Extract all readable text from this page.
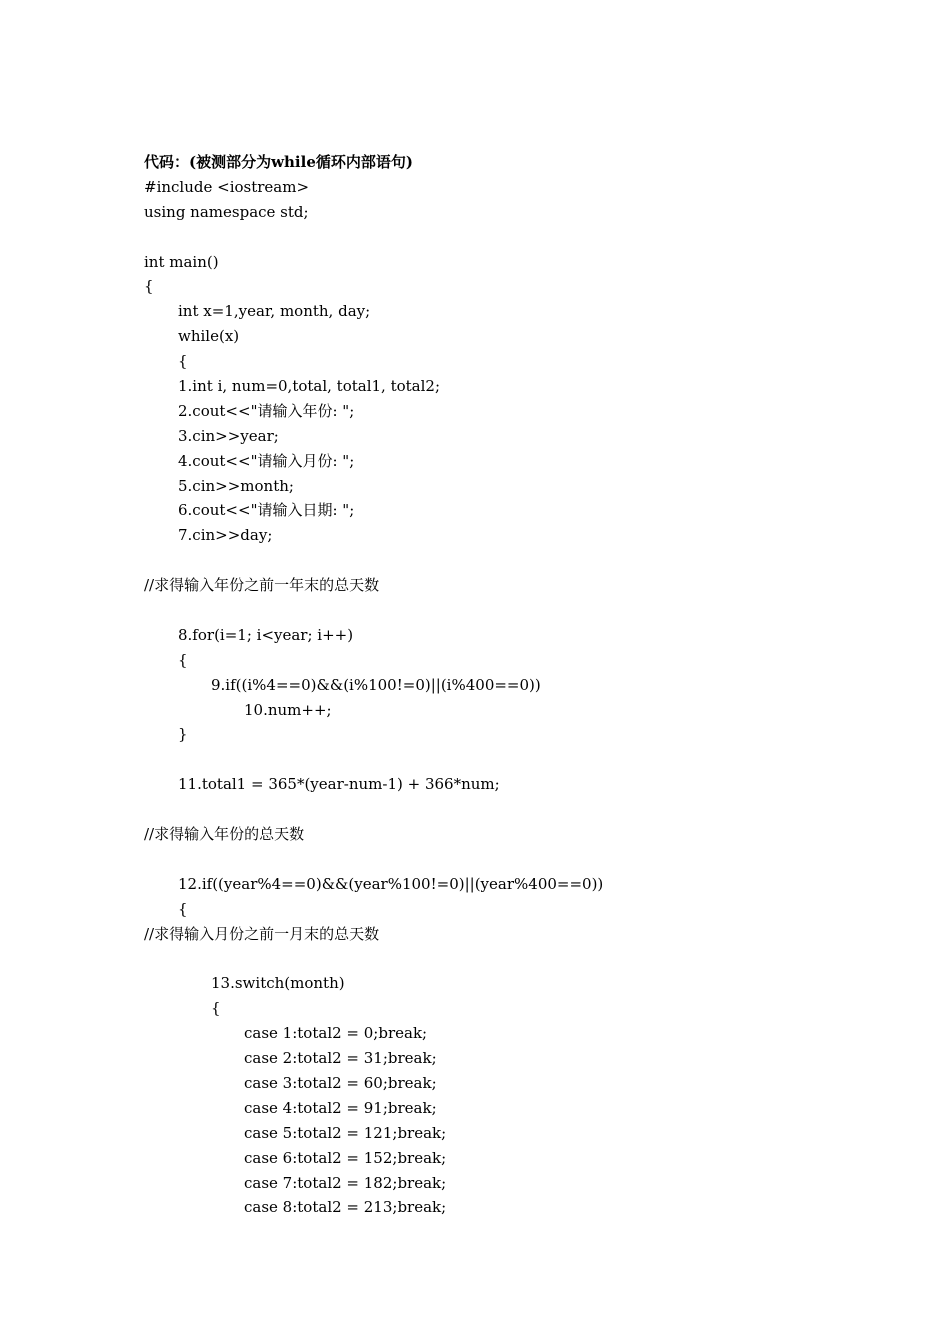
代码：(被测部分为while循环内部语句)
#include <iostream>
using namespace std;
int main()
{
int x=1,year, month, day;
while(x)
{
1.int i, num=0,total, total1, total2;
2.cout<<"请输入年份: ";
3.cin>>year;
4.cout<<"请输入月份: ";
5.cin>>month;
6.cout<<"请输入日期: ";
7.cin>>day;
//求得输入年份之前一年末的总天数
8.for(i=1; i<year; i++)
{
9.if((i%4==0)&&(i%100!=0)||(i%400==0))
10.num++;
}
11.total1 = 365*(year-num-1) + 366*num;
//求得输入年份的总天数
12.if((year%4==0)&&(year%100!=0)||(year%400==0))
{
//求得输入月份之前一月末的总天数
13.switch(month)
{
case 1:total2 = 0;break;
case 2:total2 = 31;break;
case 3:total2 = 60;break;
case 4:total2 = 91;break;
case 5:total2 = 121;break;
case 6:total2 = 152;break;
case 7:total2 = 182;break;
case 8:total2 = 213;break;
